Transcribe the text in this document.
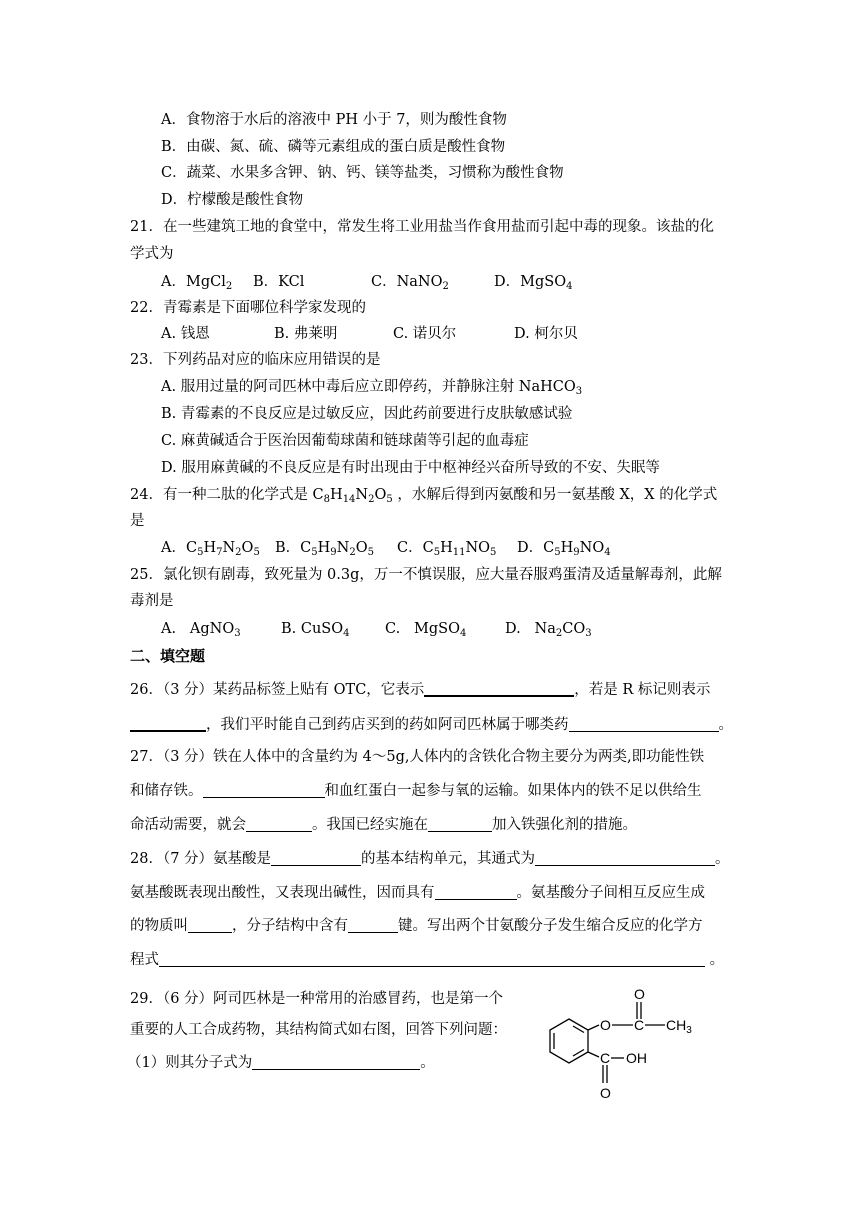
A．食物溶于水后的溶液中 PH 小于 7，则为酸性食物
B．由碳、氮、硫、磷等元素组成的蛋白质是酸性食物
C．蔬菜、水果多含钾、钠、钙、镁等盐类，习惯称为酸性食物
D．柠檬酸是酸性食物
21．在一些建筑工地的食堂中，常发生将工业用盐当作食用盐而引起中毒的现象。该盐的化
学式为
A．MgCl$_2$ B．KCl	C．NaNO$_2$	D．MgSO$_4$
22．青霉素是下面哪位科学家发现的
A. 钱恩	B. 弗莱明	C. 诺贝尔	D. 柯尔贝
23．下列药品对应的临床应用错误的是
A. 服用过量的阿司匹林中毒后应立即停药，并静脉注射 NaHCO$_3$
B. 青霉素的不良反应是过敏反应，因此药前要进行皮肤敏感试验
C. 麻黄碱适合于医治因葡萄球菌和链球菌等引起的血毒症
D. 服用麻黄碱的不良反应是有时出现由于中枢神经兴奋所导致的不安、失眠等
24．有一种二肽的化学式是 $C_8H_{14}N_2O_5$ ，水解后得到丙氨酸和另一氨基酸 X，X 的化学式
是
A．$C_5H_7N_2O_5$ B．$C_5H_9N_2O_5$ C．$C_5H_{11}NO_5$ D．$C_5H_9NO_4$
25．氯化钡有剧毒，致死量为 0.3g，万一不慎误服，应大量吞服鸡蛋清及适量解毒剂，此解
毒剂是
A. AgNO$_3$	B. CuSO$_4$ C. MgSO$_4$	D. $Na_2CO_3$
二、填空题
26．（3 分）某药品标签上贴有 OTC，它表示	，若是 R 标记则表示
，我们平时能自己到药店买到的药如阿司匹林属于哪类药	。
27．（3 分）铁在人体中的含量约为 4～5g,人体内的含铁化合物主要分为两类,即功能性铁
和储存铁。	和血红蛋白一起参与氧的运输。如果体内的铁不足以供给生
命活动需要，就会	。我国已经实施在	加入铁强化剂的措施。
28．（7 分）氨基酸是	的基本结构单元，其通式为	。
氨基酸既表现出酸性，又表现出碱性，因而具有	。氨基酸分子间相互反应生成
的物质叫	，分子结构中含有	键。写出两个甘氨酸分子发生缩合反应的化学方
程式	。
29．（6 分）阿司匹林是一种常用的治感冒药，也是第一个
重要的人工合成药物，其结构简式如右图，回答下列问题：
（1）则其分子式为	。
O
O C $CH_3$
C OH
O
